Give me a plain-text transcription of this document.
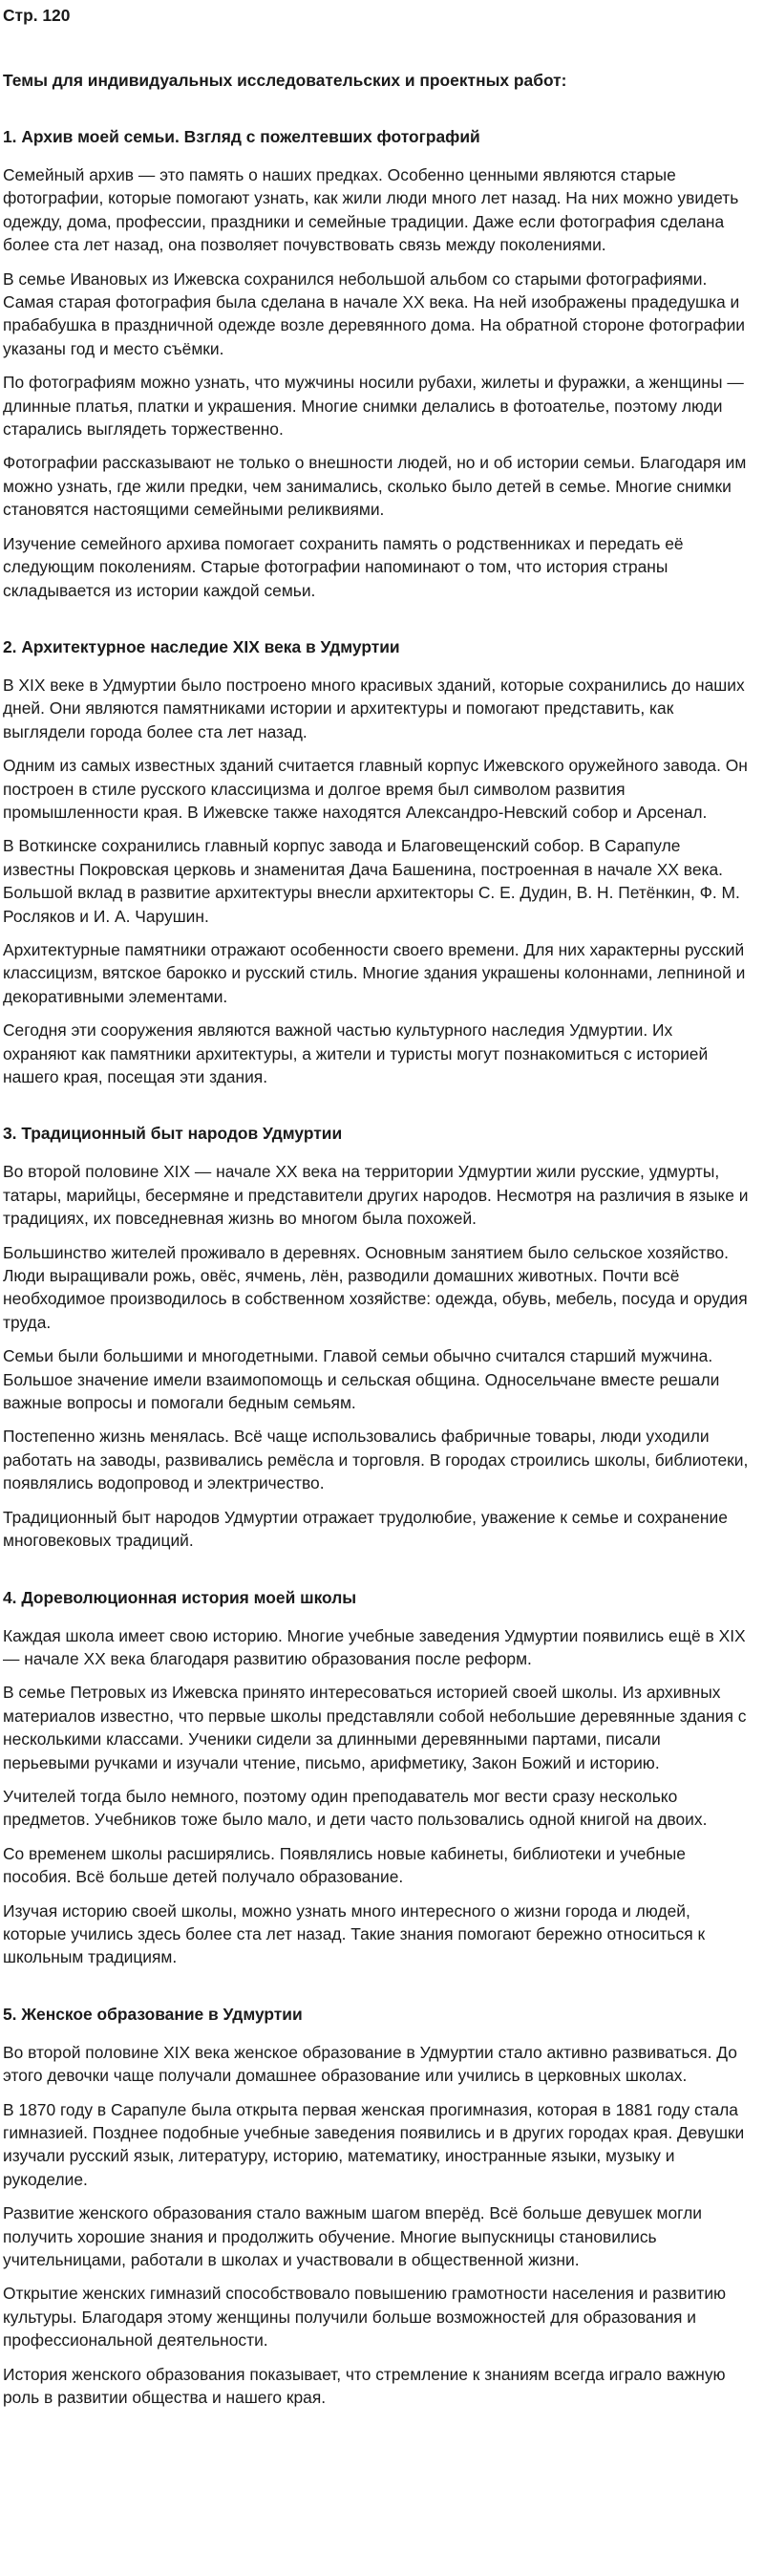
Стр. 120
Темы для индивидуальных исследовательских и проектных работ:
1. Архив моей семьи. Взгляд с пожелтевших фотографий

Семейный архив — это память о наших предках. Особенно ценными являются старые фотографии, которые помогают узнать, как жили люди много лет назад. На них можно увидеть одежду, дома, профессии, праздники и семейные традиции. Даже если фотография сделана более ста лет назад, она позволяет почувствовать связь между поколениями.

В семье Ивановых из Ижевска сохранился небольшой альбом со старыми фотографиями. Самая старая фотография была сделана в начале XX века. На ней изображены прадедушка и прабабушка в праздничной одежде возле деревянного дома. На обратной стороне фотографии указаны год и место съёмки.

По фотографиям можно узнать, что мужчины носили рубахи, жилеты и фуражки, а женщины — длинные платья, платки и украшения. Многие снимки делались в фотоателье, поэтому люди старались выглядеть торжественно.

Фотографии рассказывают не только о внешности людей, но и об истории семьи. Благодаря им можно узнать, где жили предки, чем занимались, сколько было детей в семье. Многие снимки становятся настоящими семейными реликвиями.

Изучение семейного архива помогает сохранить память о родственниках и передать её следующим поколениям. Старые фотографии напоминают о том, что история страны складывается из истории каждой семьи.

2. Архитектурное наследие XIX века в Удмуртии

В XIX веке в Удмуртии было построено много красивых зданий, которые сохранились до наших дней. Они являются памятниками истории и архитектуры и помогают представить, как выглядели города более ста лет назад.

Одним из самых известных зданий считается главный корпус Ижевского оружейного завода. Он построен в стиле русского классицизма и долгое время был символом развития промышленности края. В Ижевске также находятся Александро-Невский собор и Арсенал.

В Воткинске сохранились главный корпус завода и Благовещенский собор. В Сарапуле известны Покровская церковь и знаменитая Дача Башенина, построенная в начале XX века. Большой вклад в развитие архитектуры внесли архитекторы С. Е. Дудин, В. Н. Петёнкин, Ф. М. Росляков и И. А. Чарушин.

Архитектурные памятники отражают особенности своего времени. Для них характерны русский классицизм, вятское барокко и русский стиль. Многие здания украшены колоннами, лепниной и декоративными элементами.

Сегодня эти сооружения являются важной частью культурного наследия Удмуртии. Их охраняют как памятники архитектуры, а жители и туристы могут познакомиться с историей нашего края, посещая эти здания.

3. Традиционный быт народов Удмуртии

Во второй половине XIX — начале XX века на территории Удмуртии жили русские, удмурты, татары, марийцы, бесермяне и представители других народов. Несмотря на различия в языке и традициях, их повседневная жизнь во многом была похожей.

Большинство жителей проживало в деревнях. Основным занятием было сельское хозяйство. Люди выращивали рожь, овёс, ячмень, лён, разводили домашних животных. Почти всё необходимое производилось в собственном хозяйстве: одежда, обувь, мебель, посуда и орудия труда.

Семьи были большими и многодетными. Главой семьи обычно считался старший мужчина. Большое значение имели взаимопомощь и сельская община. Односельчане вместе решали важные вопросы и помогали бедным семьям.

Постепенно жизнь менялась. Всё чаще использовались фабричные товары, люди уходили работать на заводы, развивались ремёсла и торговля. В городах строились школы, библиотеки, появлялись водопровод и электричество.

Традиционный быт народов Удмуртии отражает трудолюбие, уважение к семье и сохранение многовековых традиций.

4. Дореволюционная история моей школы

Каждая школа имеет свою историю. Многие учебные заведения Удмуртии появились ещё в XIX — начале XX века благодаря развитию образования после реформ.

В семье Петровых из Ижевска принято интересоваться историей своей школы. Из архивных материалов известно, что первые школы представляли собой небольшие деревянные здания с несколькими классами. Ученики сидели за длинными деревянными партами, писали перьевыми ручками и изучали чтение, письмо, арифметику, Закон Божий и историю.

Учителей тогда было немного, поэтому один преподаватель мог вести сразу несколько предметов. Учебников тоже было мало, и дети часто пользовались одной книгой на двоих.

Со временем школы расширялись. Появлялись новые кабинеты, библиотеки и учебные пособия. Всё больше детей получало образование.

Изучая историю своей школы, можно узнать много интересного о жизни города и людей, которые учились здесь более ста лет назад. Такие знания помогают бережно относиться к школьным традициям.

5. Женское образование в Удмуртии

Во второй половине XIX века женское образование в Удмуртии стало активно развиваться. До этого девочки чаще получали домашнее образование или учились в церковных школах.

В 1870 году в Сарапуле была открыта первая женская прогимназия, которая в 1881 году стала гимназией. Позднее подобные учебные заведения появились и в других городах края. Девушки изучали русский язык, литературу, историю, математику, иностранные языки, музыку и рукоделие.

Развитие женского образования стало важным шагом вперёд. Всё больше девушек могли получить хорошие знания и продолжить обучение. Многие выпускницы становились учительницами, работали в школах и участвовали в общественной жизни.

Открытие женских гимназий способствовало повышению грамотности населения и развитию культуры. Благодаря этому женщины получили больше возможностей для образования и профессиональной деятельности.

История женского образования показывает, что стремление к знаниям всегда играло важную роль в развитии общества и нашего края.
